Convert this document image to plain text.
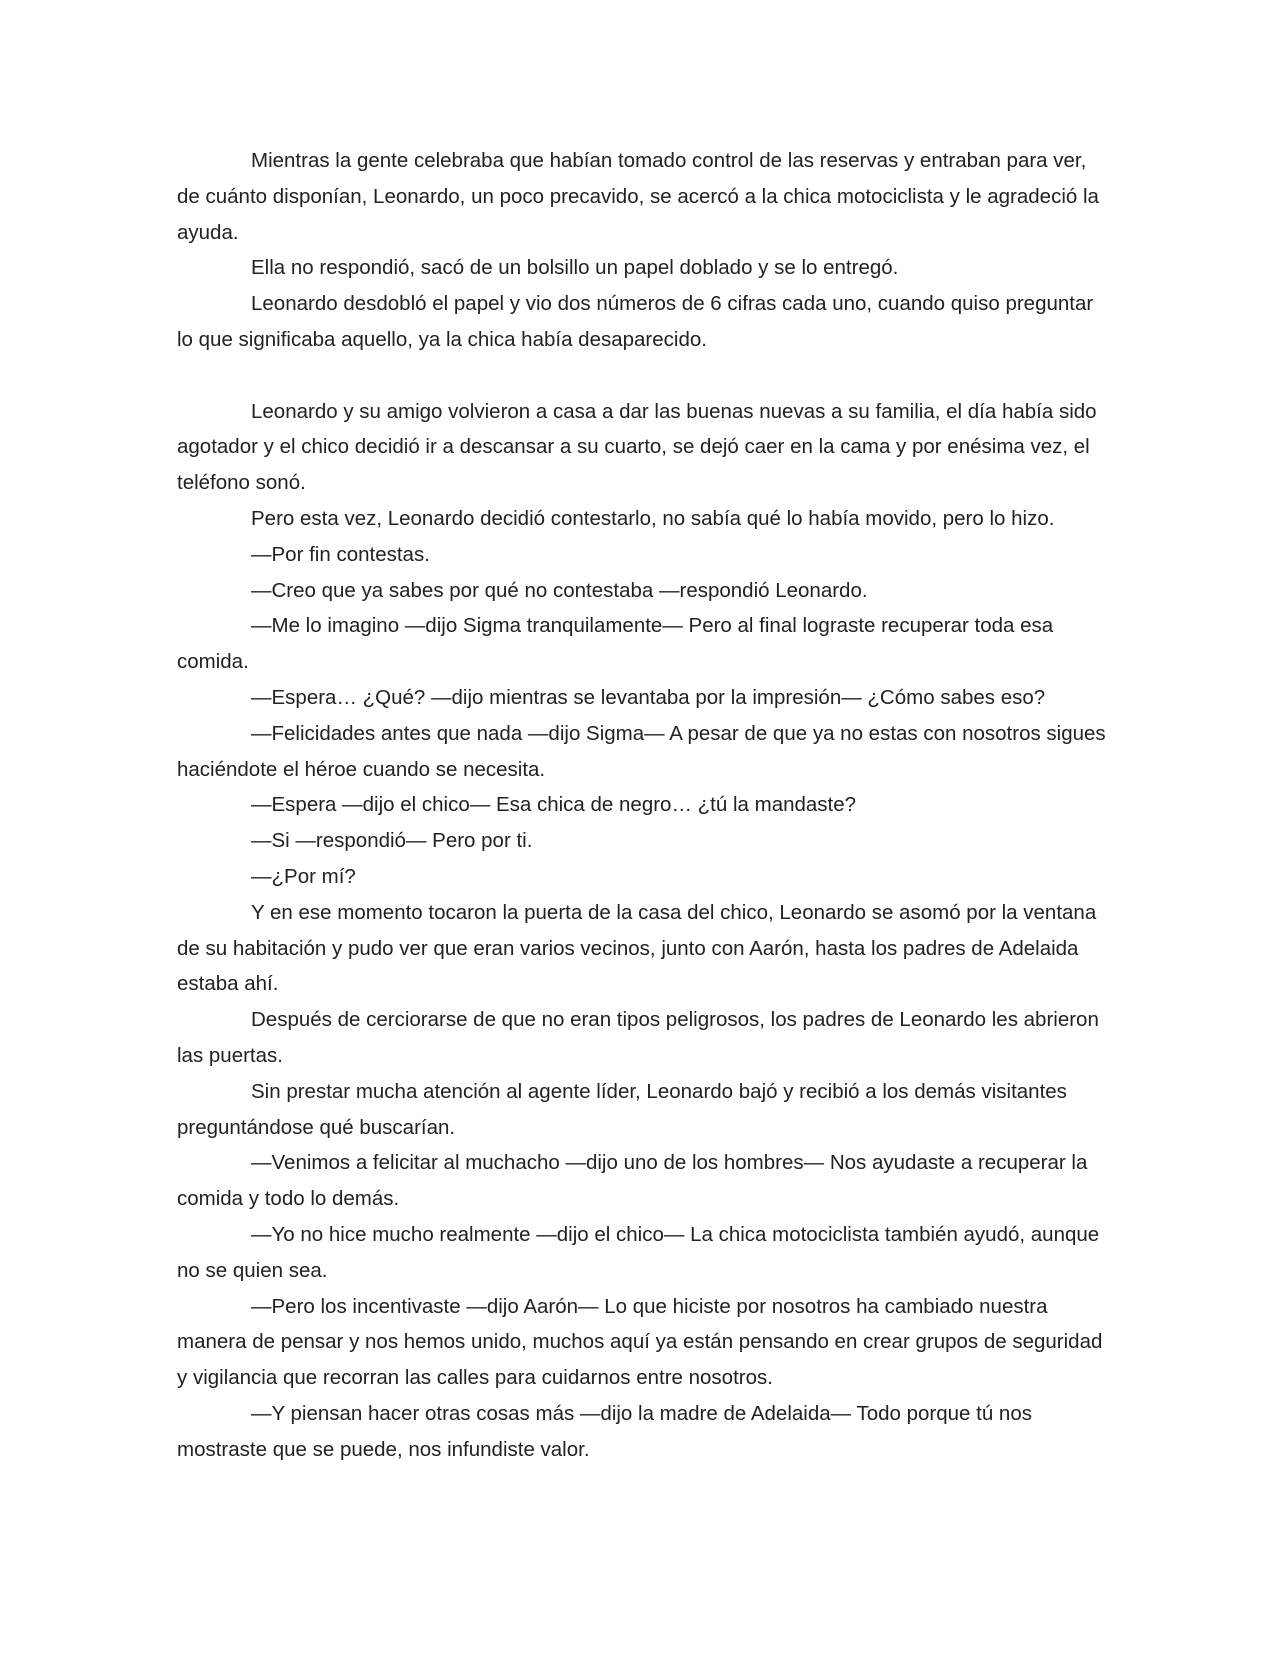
Mientras la gente celebraba que habían tomado control de las reservas y entraban para ver, de cuánto disponían, Leonardo, un poco precavido, se acercó a la chica motociclista y le agradeció la ayuda.

Ella no respondió, sacó de un bolsillo un papel doblado y se lo entregó.

Leonardo desdobló el papel y vio dos números de 6 cifras cada uno, cuando quiso preguntar lo que significaba aquello, ya la chica había desaparecido.

Leonardo y su amigo volvieron a casa a dar las buenas nuevas a su familia, el día había sido agotador y el chico decidió ir a descansar a su cuarto, se dejó caer en la cama y por enésima vez, el teléfono sonó.

Pero esta vez, Leonardo decidió contestarlo, no sabía qué lo había movido, pero lo hizo.

—Por fin contestas.

—Creo que ya sabes por qué no contestaba —respondió Leonardo.

—Me lo imagino —dijo Sigma tranquilamente— Pero al final lograste recuperar toda esa comida.

—Espera… ¿Qué? —dijo mientras se levantaba por la impresión— ¿Cómo sabes eso?

—Felicidades antes que nada —dijo Sigma— A pesar de que ya no estas con nosotros sigues haciéndote el héroe cuando se necesita.

—Espera —dijo el chico— Esa chica de negro… ¿tú la mandaste?

—Si —respondió— Pero por ti.

—¿Por mí?

Y en ese momento tocaron la puerta de la casa del chico, Leonardo se asomó por la ventana de su habitación y pudo ver que eran varios vecinos, junto con Aarón, hasta los padres de Adelaida estaba ahí.

Después de cerciorarse de que no eran tipos peligrosos, los padres de Leonardo les abrieron las puertas.

Sin prestar mucha atención al agente líder, Leonardo bajó y recibió a los demás visitantes preguntándose qué buscarían.

—Venimos a felicitar al muchacho —dijo uno de los hombres— Nos ayudaste a recuperar la comida y todo lo demás.

—Yo no hice mucho realmente —dijo el chico— La chica motociclista también ayudó, aunque no se quien sea.

—Pero los incentivaste —dijo Aarón— Lo que hiciste por nosotros ha cambiado nuestra manera de pensar y nos hemos unido, muchos aquí ya están pensando en crear grupos de seguridad y vigilancia que recorran las calles para cuidarnos entre nosotros.

—Y piensan hacer otras cosas más —dijo la madre de Adelaida— Todo porque tú nos mostraste que se puede, nos infundiste valor.
